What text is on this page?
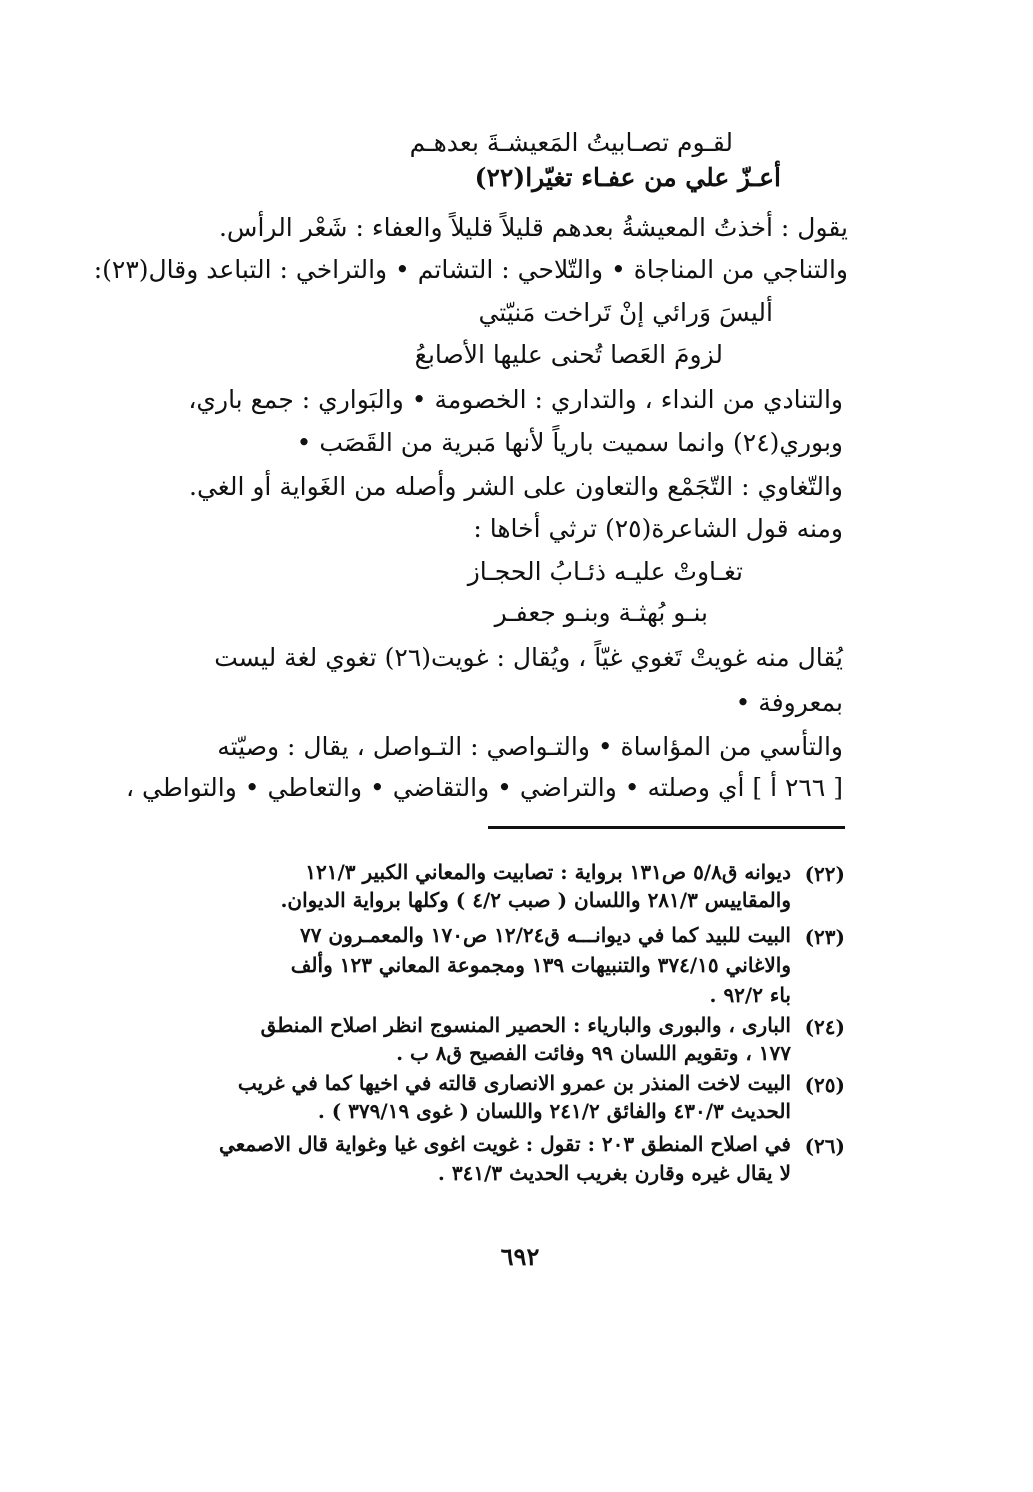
لقـوم تصـابيتُ المَعيشـةَ بعدهـم
أعـزّ علي من عفـاء تغيّرا(٢٢)
يقول : أخذتُ المعيشةُ بعدهم قليلاً قليلاً والعفاء : شَعْر الرأس.
والتناجي من المناجاة • والتّلاحي : التشاتم • والتراخي : التباعد وقال(٢٣):
أليسَ وَرائي إنْ تَراخت مَنيّتي
لزومَ العَصا تُحنى عليها الأصابعُ
والتنادي من النداء ، والتداري : الخصومة • والبَواري : جمع باري،
وبوري(٢٤) وانما سميت بارياً لأنها مَبرية من القَصَب •
والتّغاوي : التّجَمْع والتعاون على الشر وأصله من الغَواية أو الغي.
ومنه قول الشاعرة(٢٥) ترثي أخاها :
تغـاوتْ عليـه ذئـابُ الحجـاز
بنـو بُهثـة وبنـو جعفـر
يُقال منه غويتْ تَغوي غيّاً ، ويُقال : غويت(٢٦) تغوي لغة ليست
بمعروفة •
والتأسي من المؤاساة • والتـواصي : التـواصل ، يقال : وصيّته
[ ٢٦٦ أ ] أي وصلته • والتراضي • والتقاضي • والتعاطي • والتواطي ،
(٢٢)
ديوانه ق٥/٨ ص١٣١ برواية : تصابيت والمعاني الكبير ١٢١/٣
والمقاييس ٢٨١/٣ واللسان ( صبب ٤/٢ ) وكلها برواية الديوان.
(٢٣)
البيت للبيد كما في ديوانـــه ق١٢/٢٤ ص١٧٠ والمعمـرون ٧٧
والاغاني ٣٧٤/١٥ والتنبيهات ١٣٩ ومجموعة المعاني ١٢٣ وألف
باء ٩٢/٢ .
(٢٤)
البارى ، والبورى والبارياء : الحصير المنسوج انظر اصلاح المنطق
١٧٧ ، وتقويم اللسان ٩٩ وفائت الفصيح ق٨ ب .
(٢٥)
البيت لاخت المنذر بن عمرو الانصارى قالته في اخيها كما في غريب
الحديث ٤٣٠/٣ والفائق ٢٤١/٢ واللسان ( غوى ٣٧٩/١٩ ) .
(٢٦)
في اصلاح المنطق ٢٠٣ : تقول : غويت اغوى غيا وغواية قال الاصمعي
لا يقال غيره وقارن بغريب الحديث ٣٤١/٣ .
٦٩٢
